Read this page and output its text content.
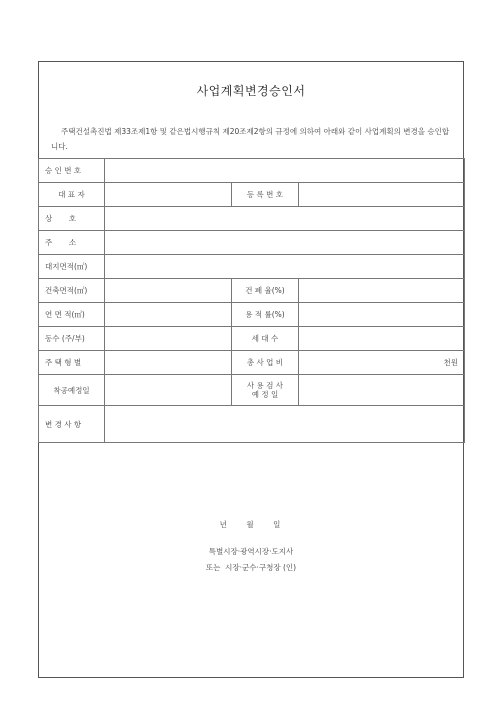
사업계획변경승인서
주택건설촉진법 제33조제1항 및 같은법시행규칙 제20조제2항의 규정에 의하여 아래와 같이 사업계획의 변경을 승인합니다.
승 인 번 호			
대 표 자		등 록 번 호	
상       호			
주       소			
대지면적(㎡)			
건축면적(㎡)		건 폐 율(%)	
연 면 적(㎡)		용 적 률(%)	
동수 (주/부)		세 대 수	
주 택 형 별		총 사 업 비	천원
착공예정일		사 용 검 사
예 정 일	
변 경 사 항			
년    월    일
특별시장·광역시장·도지사
또는  시장·군수·구청장 (인)
